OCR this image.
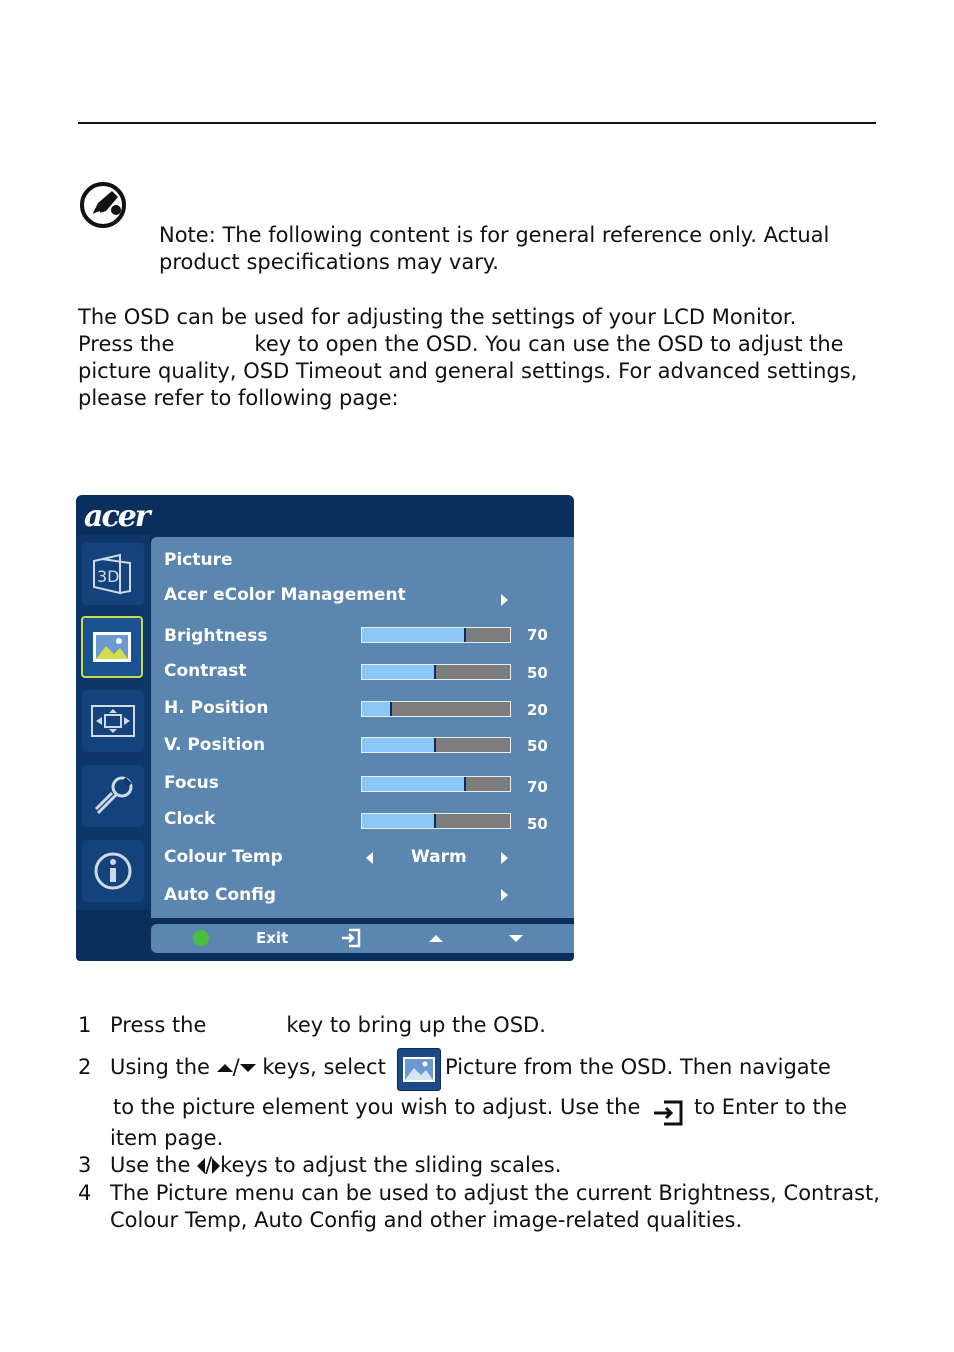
Note: The following content is for general reference only. Actual product specifications may vary.
The OSD can be used for adjusting the settings of your LCD Monitor.
Press the	key to open the OSD. You can use the OSD to adjust the picture quality, OSD Timeout and general settings. For advanced settings, please refer to following page:
acer
3D
Picture
Acer eColor Management
Brightness	70
Contrast	50
H. Position	20
V. Position	50
Focus	70
Clock	50
Colour Temp	Warm
Auto Config
Exit
1 Press the	key to bring up the OSD.
2 Using the / keys, select	Picture from the OSD. Then navigate
to the picture element you wish to adjust. Use the	to Enter to the
item page.
3 Use the / keys to adjust the sliding scales.
4 The Picture menu can be used to adjust the current Brightness, Contrast,
Colour Temp, Auto Config and other image-related qualities.
